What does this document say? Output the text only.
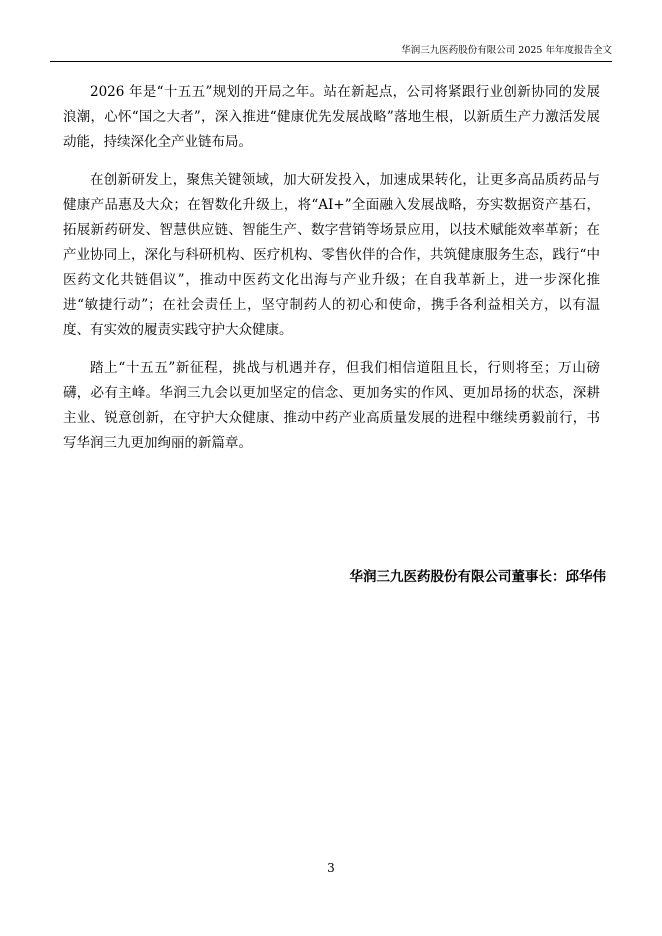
华润三九医药股份有限公司 2025 年年度报告全文

2026 年是“十五五”规划的开局之年。站在新起点，公司将紧跟行业创新协同的发展浪潮，心怀“国之大者”，深入推进“健康优先发展战略”落地生根，以新质生产力激活发展动能，持续深化全产业链布局。

在创新研发上，聚焦关键领域，加大研发投入，加速成果转化，让更多高品质药品与健康产品惠及大众；在智数化升级上，将“AI+”全面融入发展战略，夯实数据资产基石，拓展新药研发、智慧供应链、智能生产、数字营销等场景应用，以技术赋能效率革新；在产业协同上，深化与科研机构、医疗机构、零售伙伴的合作，共筑健康服务生态，践行“中医药文化共链倡议”，推动中医药文化出海与产业升级；在自我革新上，进一步深化推进“敏捷行动”；在社会责任上，坚守制药人的初心和使命，携手各利益相关方，以有温度、有实效的履责实践守护大众健康。

踏上“十五五”新征程，挑战与机遇并存，但我们相信道阻且长，行则将至；万山磅礴，必有主峰。华润三九会以更加坚定的信念、更加务实的作风、更加昂扬的状态，深耕主业、锐意创新，在守护大众健康、推动中药产业高质量发展的进程中继续勇毅前行，书写华润三九更加绚丽的新篇章。

华润三九医药股份有限公司董事长：邱华伟
3
